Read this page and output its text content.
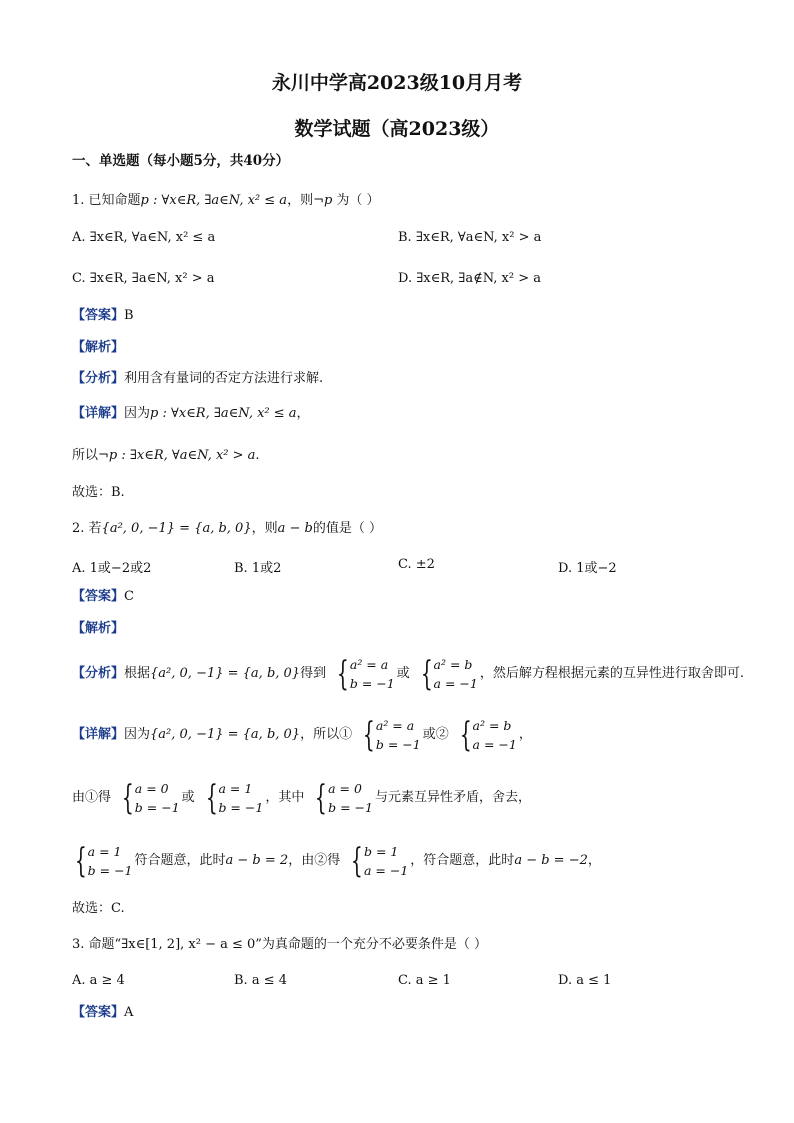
永川中学高2023级10月月考
数学试题（高2023级）
一、单选题（每小题5分，共40分）
1. 已知命题p : ∀x∈R, ∃a∈N, x² ≤ a，则¬p 为（ ）
A. ∃x∈R, ∀a∈N, x² ≤ a	B. ∃x∈R, ∀a∈N, x² > a
C. ∃x∈R, ∃a∈N, x² > a	D. ∃x∈R, ∃a∉N, x² > a
【答案】B
【解析】
【分析】利用含有量词的否定方法进行求解.
【详解】因为p : ∀x∈R, ∃a∈N, x² ≤ a，
所以¬p : ∃x∈R, ∀a∈N, x² > a.
故选：B.
2. 若{a², 0, −1} = {a, b, 0}，则a − b的值是（ ）
A. 1或−2或2	B. 1或2	C. ±2	D. 1或−2
【答案】C
【解析】
【分析】根据{a², 0, −1} = {a, b, 0}得到 { a² = a
b = −1
或 { a² = b
a = −1
，然后解方程根据元素的互异性进行取舍即可.
【详解】因为{a², 0, −1} = {a, b, 0}，所以① { a² = a
b = −1
或② { a² = b
a = −1
，
由①得 { a = 0
b = −1
或 { a = 1
b = −1
，其中 { a = 0
b = −1
与元素互异性矛盾，舍去，
{ a = 1
b = −1
符合题意，此时a − b = 2，由②得 { b = 1
a = −1
，符合题意，此时a − b = −2，
故选：C.
3. 命题“∃x∈[1, 2], x² − a ≤ 0”为真命题的一个充分不必要条件是（ ）
A. a ≥ 4	B. a ≤ 4	C. a ≥ 1	D. a ≤ 1
【答案】A
